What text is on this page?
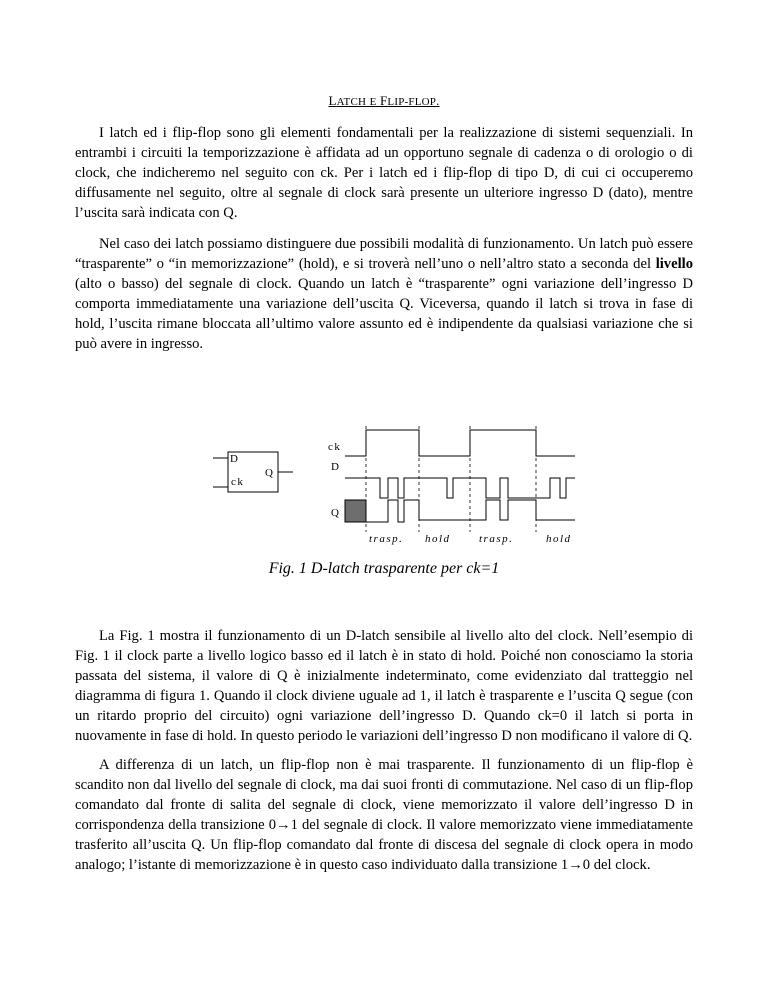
LATCH E FLIP-FLOP.

I latch ed i flip-flop sono gli elementi fondamentali per la realizzazione di sistemi sequenziali. In entrambi i circuiti la temporizzazione è affidata ad un opportuno segnale di cadenza o di orologio o di clock, che indicheremo nel seguito con ck. Per i latch ed i flip-flop di tipo D, di cui ci occuperemo diffusamente nel seguito, oltre al segnale di clock sarà presente un ulteriore ingresso D (dato), mentre l’uscita sarà indicata con Q.

Nel caso dei latch possiamo distinguere due possibili modalità di funzionamento. Un latch può essere “trasparente” o “in memorizzazione” (hold), e si troverà nell’uno o nell’altro stato a seconda del livello (alto o basso) del segnale di clock. Quando un latch è “trasparente” ogni variazione dell’ingresso D comporta immediatamente una variazione dell’uscita Q. Viceversa, quando il latch si trova in fase di hold, l’uscita rimane bloccata all’ultimo valore assunto ed è indipendente da qualsiasi variazione che si può avere in ingresso.

D
ck
Q
ck
D
Q
trasp. hold	trasp.	hold
Fig. 1 D-latch trasparente per ck=1

La Fig. 1 mostra il funzionamento di un D-latch sensibile al livello alto del clock. Nell’esempio di Fig. 1 il clock parte a livello logico basso ed il latch è in stato di hold. Poiché non conosciamo la storia passata del sistema, il valore di Q è inizialmente indeterminato, come evidenziato dal tratteggio nel diagramma di figura 1. Quando il clock diviene uguale ad 1, il latch è trasparente e l’uscita Q segue (con un ritardo proprio del circuito) ogni variazione dell’ingresso D. Quando ck=0 il latch si porta in nuovamente in fase di hold. In questo periodo le variazioni dell’ingresso D non modificano il valore di Q.

A differenza di un latch, un flip-flop non è mai trasparente. Il funzionamento di un flip-flop è scandito non dal livello del segnale di clock, ma dai suoi fronti di commutazione. Nel caso di un flip-flop comandato dal fronte di salita del segnale di clock, viene memorizzato il valore dell’ingresso D in corrispondenza della transizione 0→1 del segnale di clock. Il valore memorizzato viene immediatamente trasferito all’uscita Q. Un flip-flop comandato dal fronte di discesa del segnale di clock opera in modo analogo; l’istante di memorizzazione è in questo caso individuato dalla transizione 1→0 del clock.
